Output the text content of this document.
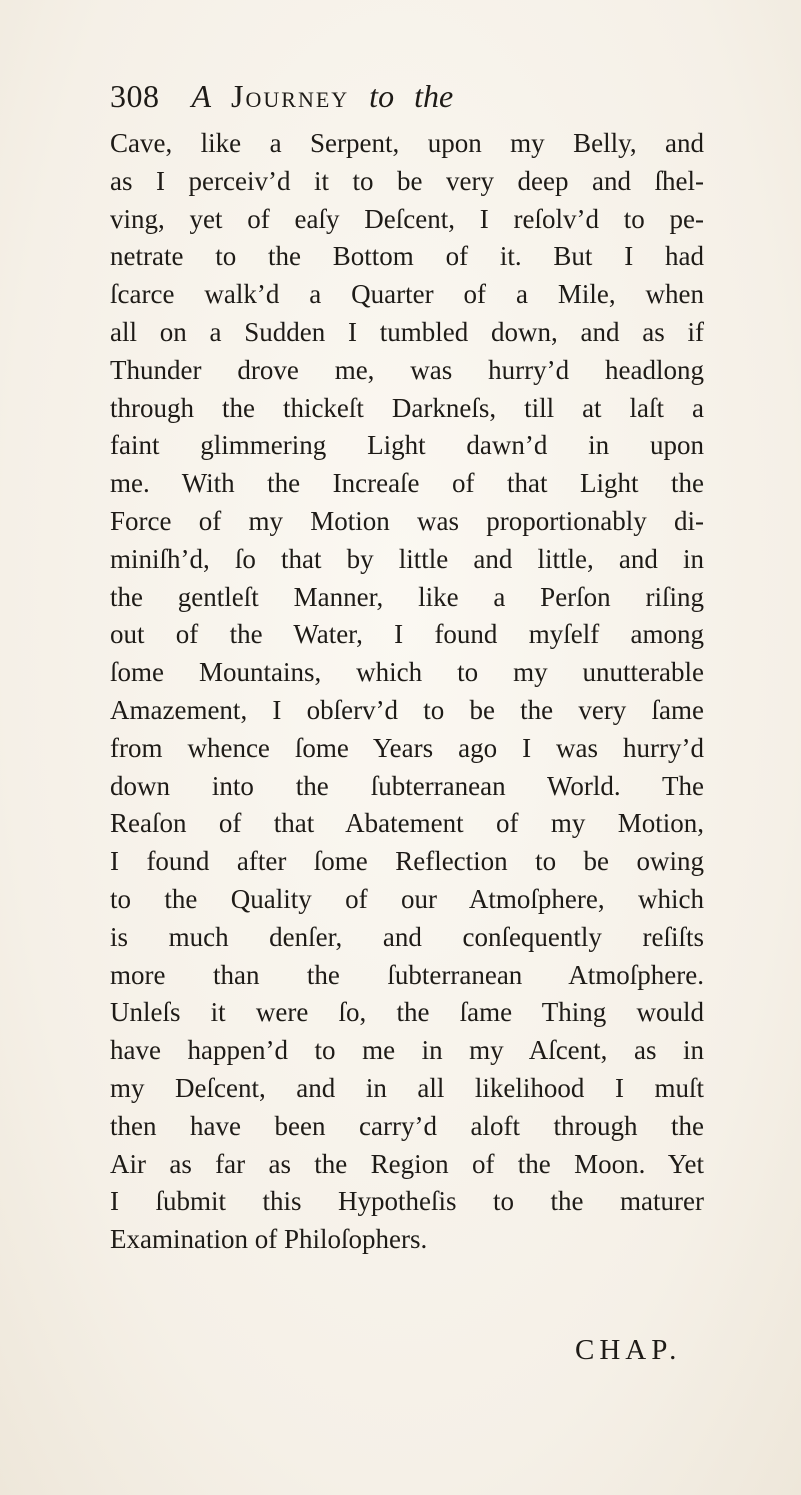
308 A Journey to the
Cave, like a Serpent, upon my Belly, and
as I perceiv’d it to be very deep and ſhel-
ving, yet of eaſy Deſcent, I reſolv’d to pe-
netrate to the Bottom of it. But I had
ſcarce walk’d a Quarter of a Mile, when
all on a Sudden I tumbled down, and as if
Thunder drove me, was hurry’d headlong
through the thickeſt Darkneſs, till at laſt a
faint glimmering Light dawn’d in upon
me. With the Increaſe of that Light the
Force of my Motion was proportionably di-
miniſh’d, ſo that by little and little, and in
the gentleſt Manner, like a Perſon riſing
out of the Water, I found myſelf among
ſome Mountains, which to my unutterable
Amazement, I obſerv’d to be the very ſame
from whence ſome Years ago I was hurry’d
down into the ſubterranean World. The
Reaſon of that Abatement of my Motion,
I found after ſome Reflection to be owing
to the Quality of our Atmoſphere, which
is much denſer, and conſequently reſiſts
more than the ſubterranean Atmoſphere.
Unleſs it were ſo, the ſame Thing would
have happen’d to me in my Aſcent, as in
my Deſcent, and in all likelihood I muſt
then have been carry’d aloft through the
Air as far as the Region of the Moon. Yet
I ſubmit this Hypotheſis to the maturer
Examination of Philoſophers.
CHAP.
